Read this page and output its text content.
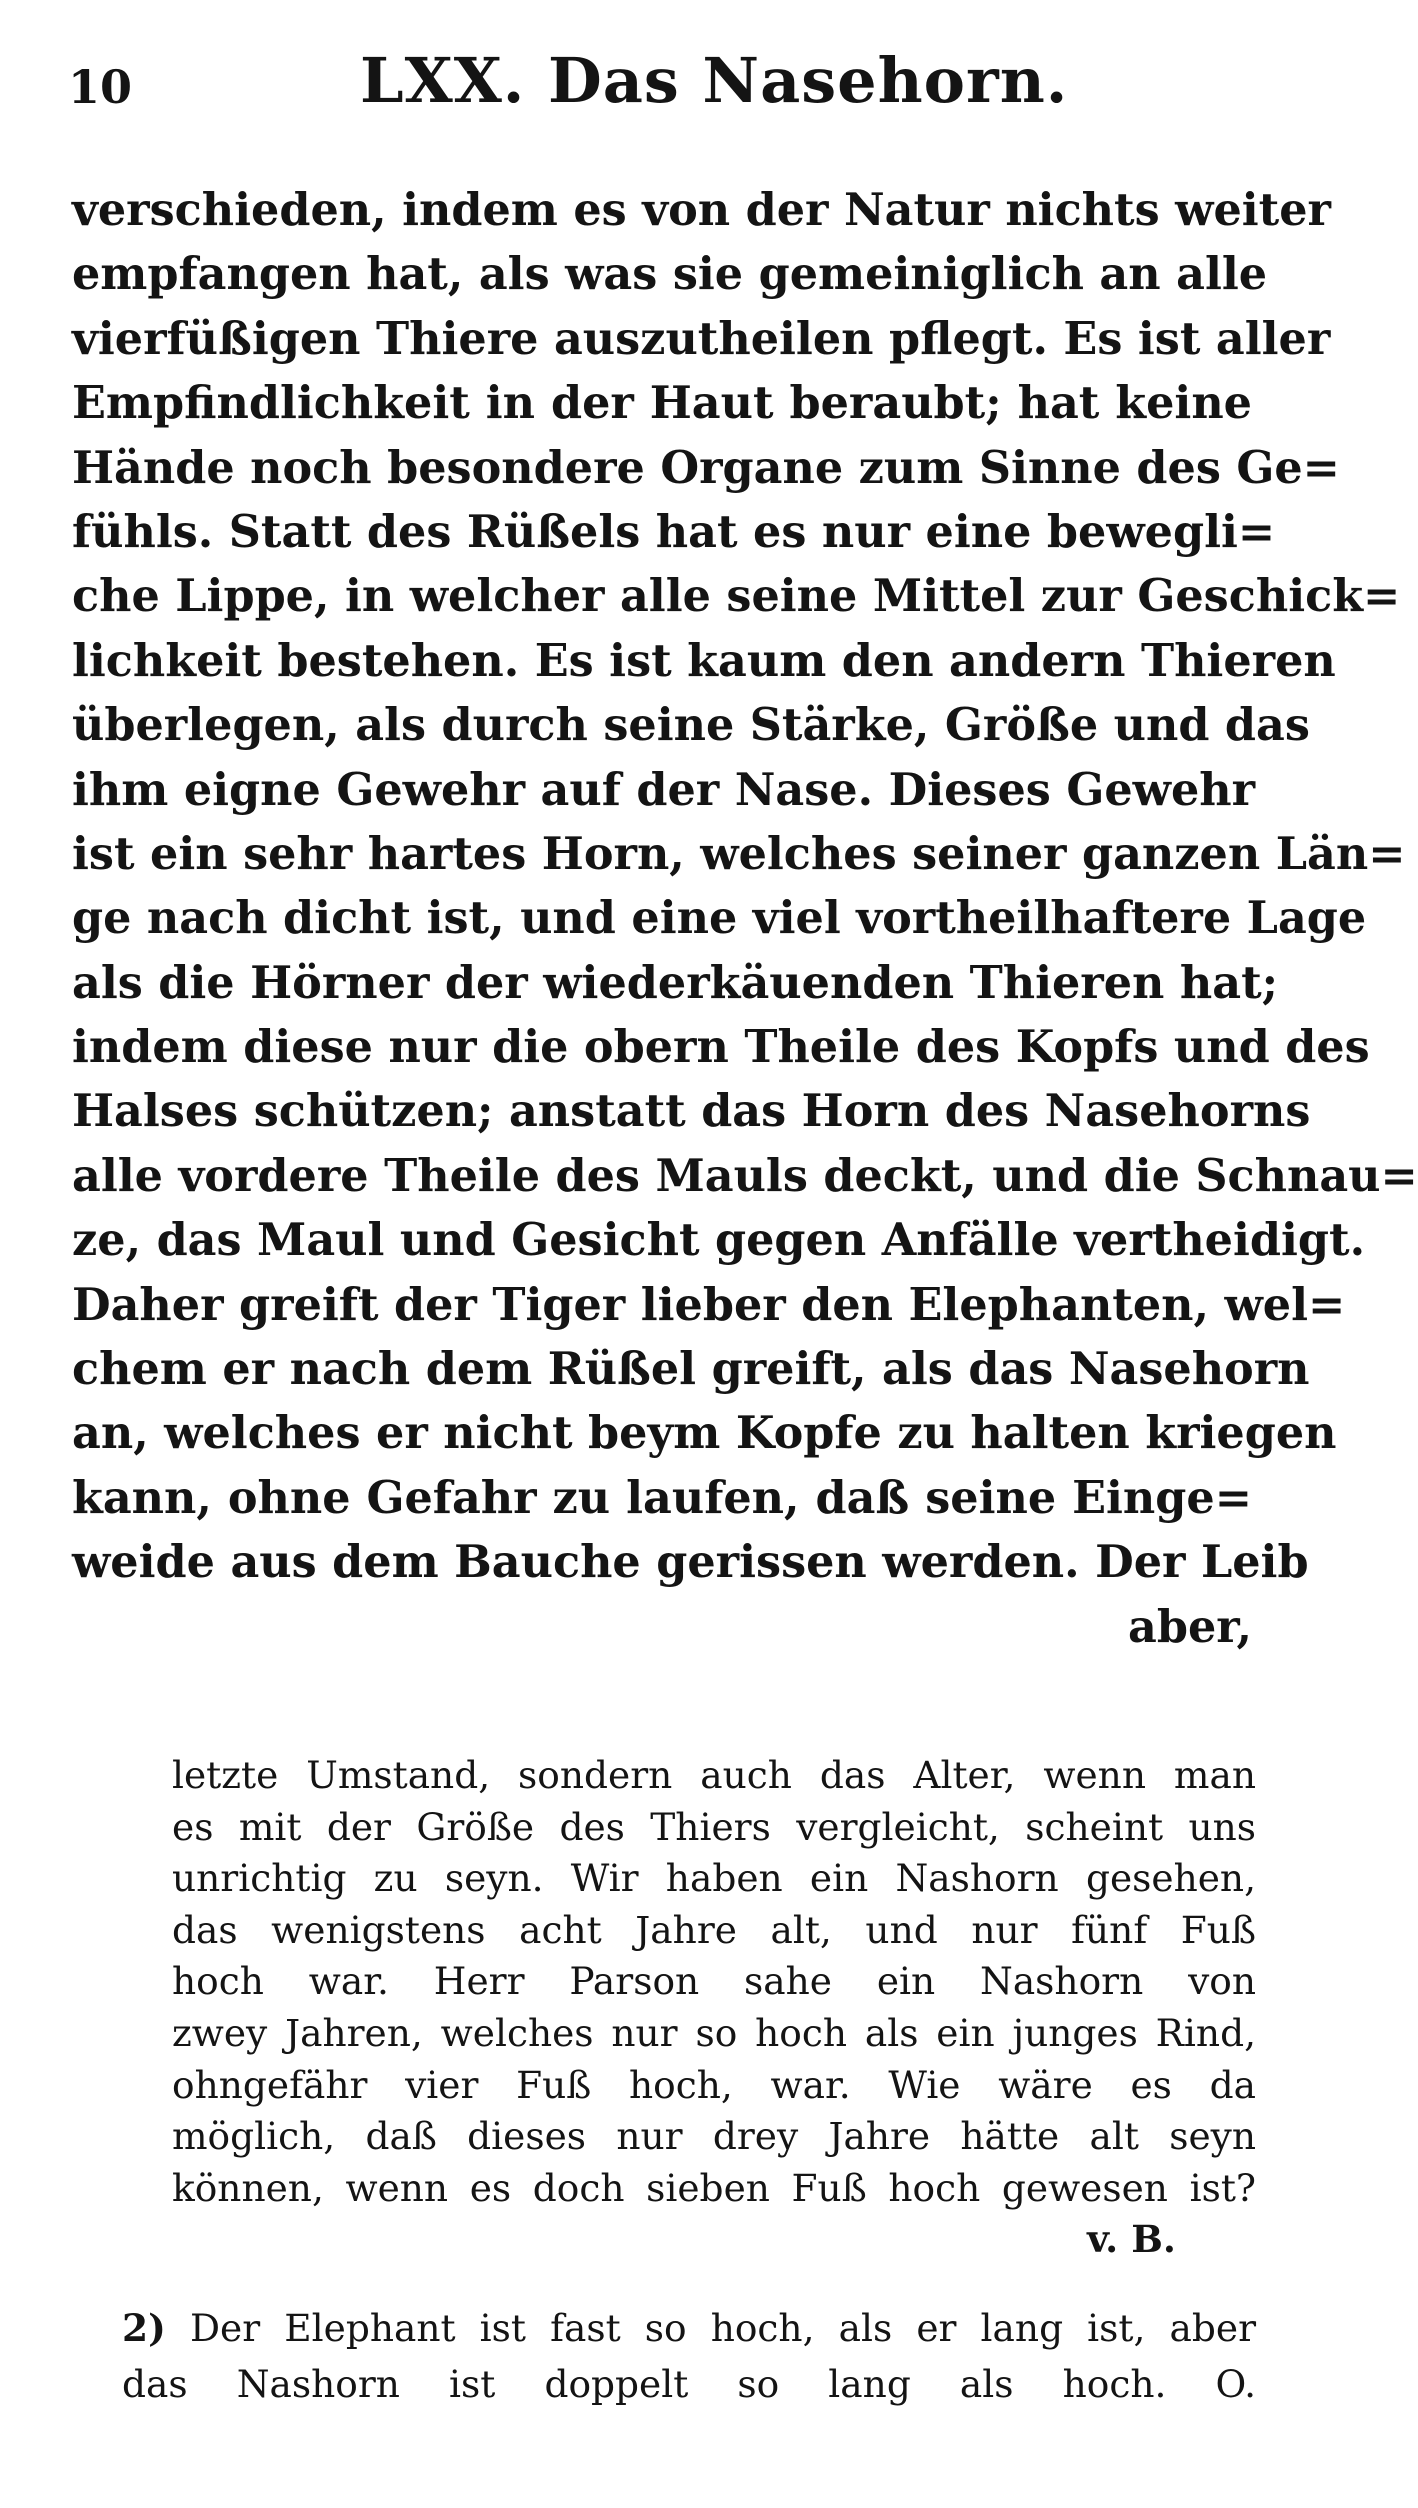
10	LXX. Das Nasehorn.
verschieden, indem es von der Natur nichts weiter
empfangen hat, als was sie gemeiniglich an alle
vierfüßigen Thiere auszutheilen pflegt. Es ist aller
Empfindlichkeit in der Haut beraubt; hat keine
Hände noch besondere Organe zum Sinne des Ge=
fühls. Statt des Rüßels hat es nur eine bewegli=
che Lippe, in welcher alle seine Mittel zur Geschick=
lichkeit bestehen. Es ist kaum den andern Thieren
überlegen, als durch seine Stärke, Größe und das
ihm eigne Gewehr auf der Nase. Dieses Gewehr
ist ein sehr hartes Horn, welches seiner ganzen Län=
ge nach dicht ist, und eine viel vortheilhaftere Lage
als die Hörner der wiederkäuenden Thieren hat;
indem diese nur die obern Theile des Kopfs und des
Halses schützen; anstatt das Horn des Nasehorns
alle vordere Theile des Mauls deckt, und die Schnau=
ze, das Maul und Gesicht gegen Anfälle vertheidigt.
Daher greift der Tiger lieber den Elephanten, wel=
chem er nach dem Rüßel greift, als das Nasehorn
an, welches er nicht beym Kopfe zu halten kriegen
kann, ohne Gefahr zu laufen, daß seine Einge=
weide aus dem Bauche gerissen werden. Der Leib
aber,
letzte Umstand, sondern auch das Alter, wenn man
es mit der Größe des Thiers vergleicht, scheint uns
unrichtig zu seyn. Wir haben ein Nashorn gesehen,
das wenigstens acht Jahre alt, und nur fünf Fuß
hoch war. Herr Parson sahe ein Nashorn von
zwey Jahren, welches nur so hoch als ein junges Rind,
ohngefähr vier Fuß hoch, war. Wie wäre es da
möglich, daß dieses nur drey Jahre hätte alt seyn
können, wenn es doch sieben Fuß hoch gewesen ist?
v. B.
2) Der Elephant ist fast so hoch, als er lang ist, aber
das Nashorn ist doppelt so lang als hoch. O.
